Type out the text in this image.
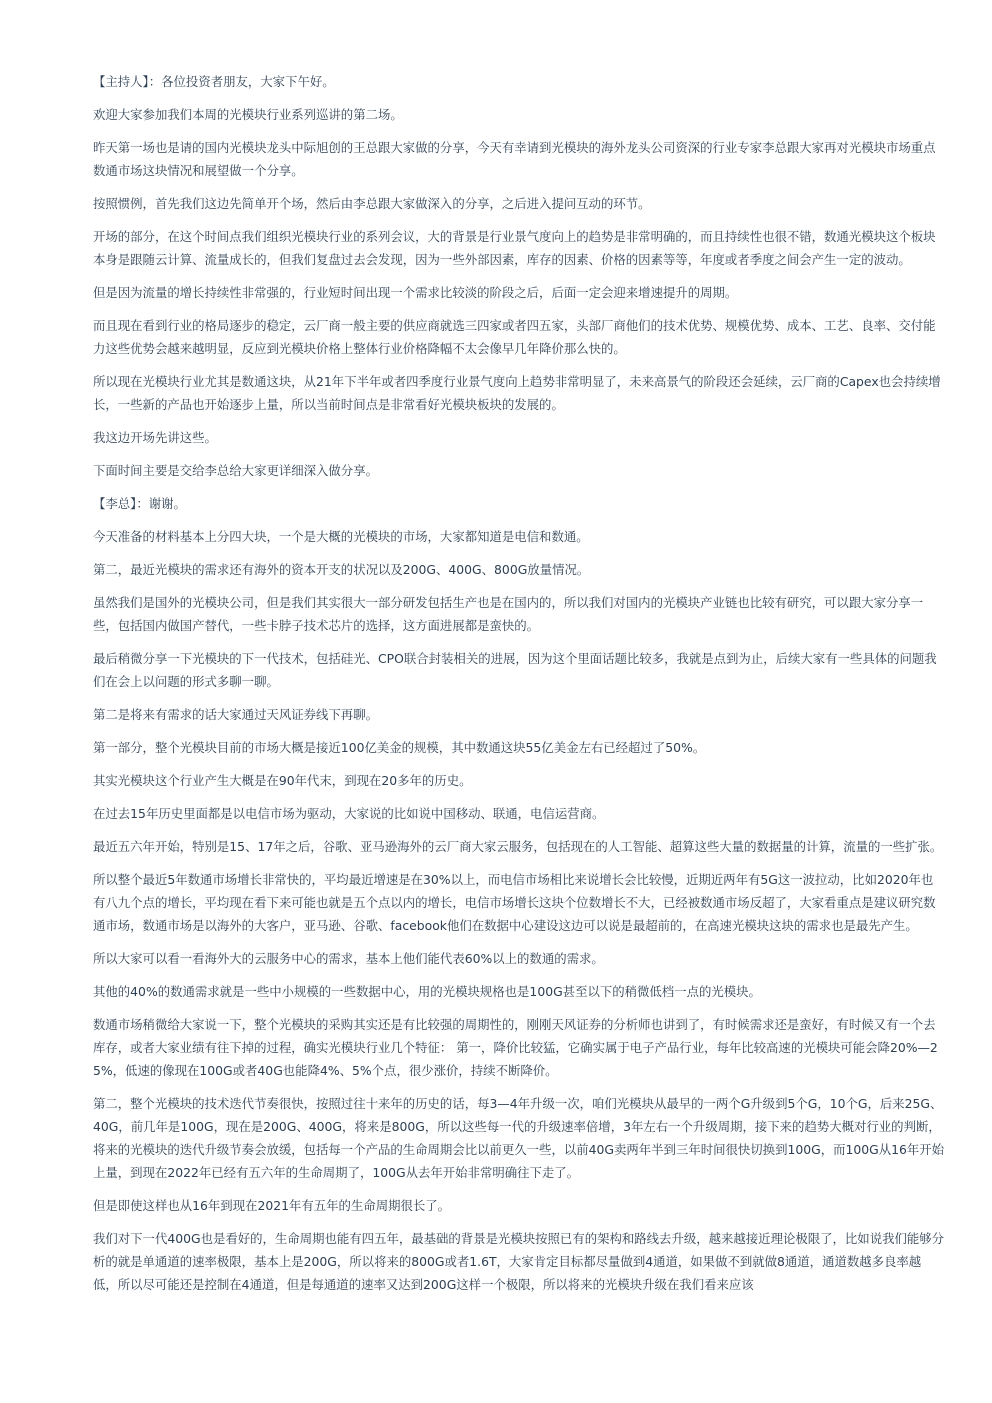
【主持人】：各位投资者朋友，大家下午好。

欢迎大家参加我们本周的光模块行业系列巡讲的第二场。

昨天第一场也是请的国内光模块龙头中际旭创的王总跟大家做的分享，今天有幸请到光模块的海外龙头公司资深的行业专家李总跟大家再对光模块市场重点数通市场这块情况和展望做一个分享。

按照惯例，首先我们这边先简单开个场，然后由李总跟大家做深入的分享，之后进入提问互动的环节。

开场的部分，在这个时间点我们组织光模块行业的系列会议，大的背景是行业景气度向上的趋势是非常明确的，而且持续性也很不错，数通光模块这个板块本身是跟随云计算、流量成长的，但我们复盘过去会发现，因为一些外部因素，库存的因素、价格的因素等等，年度或者季度之间会产生一定的波动。

但是因为流量的增长持续性非常强的，行业短时间出现一个需求比较淡的阶段之后，后面一定会迎来增速提升的周期。

而且现在看到行业的格局逐步的稳定，云厂商一般主要的供应商就选三四家或者四五家，头部厂商他们的技术优势、规模优势、成本、工艺、良率、交付能力这些优势会越来越明显，反应到光模块价格上整体行业价格降幅不太会像早几年降价那么快的。

所以现在光模块行业尤其是数通这块，从21年下半年或者四季度行业景气度向上趋势非常明显了，未来高景气的阶段还会延续，云厂商的Capex也会持续增长，一些新的产品也开始逐步上量，所以当前时间点是非常看好光模块板块的发展的。

我这边开场先讲这些。

下面时间主要是交给李总给大家更详细深入做分享。

【李总】：谢谢。

今天准备的材料基本上分四大块，一个是大概的光模块的市场，大家都知道是电信和数通。

第二，最近光模块的需求还有海外的资本开支的状况以及200G、400G、800G放量情况。

虽然我们是国外的光模块公司，但是我们其实很大一部分研发包括生产也是在国内的，所以我们对国内的光模块产业链也比较有研究，可以跟大家分享一些，包括国内做国产替代，一些卡脖子技术芯片的选择，这方面进展都是蛮快的。

最后稍微分享一下光模块的下一代技术，包括硅光、CPO联合封装相关的进展，因为这个里面话题比较多，我就是点到为止，后续大家有一些具体的问题我们在会上以问题的形式多聊一聊。

第二是将来有需求的话大家通过天风证券线下再聊。

第一部分，整个光模块目前的市场大概是接近100亿美金的规模，其中数通这块55亿美金左右已经超过了50%。

其实光模块这个行业产生大概是在90年代末，到现在20多年的历史。

在过去15年历史里面都是以电信市场为驱动，大家说的比如说中国移动、联通，电信运营商。

最近五六年开始，特别是15、17年之后，谷歌、亚马逊海外的云厂商大家云服务，包括现在的人工智能、超算这些大量的数据量的计算，流量的一些扩张。

所以整个最近5年数通市场增长非常快的，平均最近增速是在30%以上，而电信市场相比来说增长会比较慢，近期近两年有5G这一波拉动，比如2020年也有八九个点的增长，平均现在看下来可能也就是五个点以内的增长，电信市场增长这块个位数增长不大，已经被数通市场反超了，大家看重点是建议研究数通市场，数通市场是以海外的大客户，亚马逊、谷歌、facebook他们在数据中心建设这边可以说是最超前的，在高速光模块这块的需求也是最先产生。

所以大家可以看一看海外大的云服务中心的需求，基本上他们能代表60%以上的数通的需求。

其他的40%的数通需求就是一些中小规模的一些数据中心，用的光模块规格也是100G甚至以下的稍微低档一点的光模块。

数通市场稍微给大家说一下，整个光模块的采购其实还是有比较强的周期性的，刚刚天风证券的分析师也讲到了，有时候需求还是蛮好，有时候又有一个去库存，或者大家业绩有往下掉的过程，确实光模块行业几个特征： 第一，降价比较猛，它确实属于电子产品行业，每年比较高速的光模块可能会降20%—25%，低速的像现在100G或者40G也能降4%、5%个点，很少涨价，持续不断降价。

第二，整个光模块的技术迭代节奏很快，按照过往十来年的历史的话，每3—4年升级一次，咱们光模块从最早的一两个G升级到5个G，10个G，后来25G、40G，前几年是100G，现在是200G、400G，将来是800G，所以这些每一代的升级速率倍增，3年左右一个升级周期，接下来的趋势大概对行业的判断，将来的光模块的迭代升级节奏会放缓，包括每一个产品的生命周期会比以前更久一些，以前40G卖两年半到三年时间很快切换到100G，而100G从16年开始上量，到现在2022年已经有五六年的生命周期了，100G从去年开始非常明确往下走了。

但是即使这样也从16年到现在2021年有五年的生命周期很长了。

我们对下一代400G也是看好的，生命周期也能有四五年，最基础的背景是光模块按照已有的架构和路线去升级，越来越接近理论极限了，比如说我们能够分析的就是单通道的速率极限，基本上是200G，所以将来的800G或者1.6T，大家肯定目标都尽量做到4通道，如果做不到就做8通道，通道数越多良率越低，所以尽可能还是控制在4通道，但是每通道的速率又达到200G这样一个极限，所以将来的光模块升级在我们看来应该
